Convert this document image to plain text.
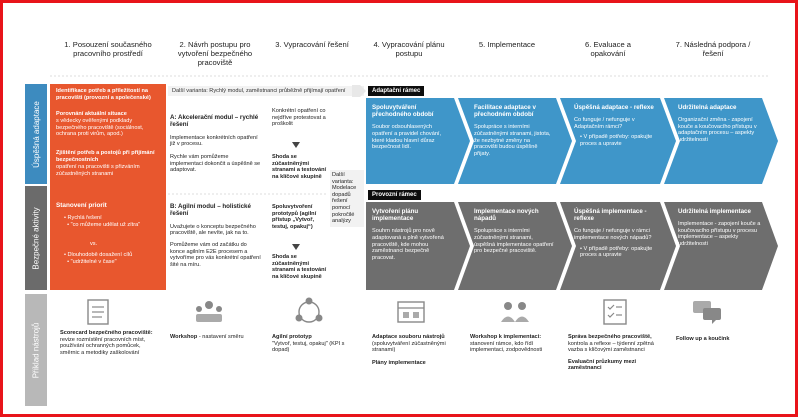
1. Posouzení současného pracovního prostředí
2. Návrh postupu pro vytvoření bezpečného pracoviště
3. Vypracování řešení	4. Vypracování plánu postupu
5. Implementace	6. Evaluace a opakování
7. Následná podpora / řešení
Úspěšná adaptace
Bezpečné aktivity
Příklad nástrojů
Identifikace potřeb a příležitostí na pracovišti (provozní a společenské)
Porovnání aktuální situace
s vědecky ověřenými podklady bezpečného pracoviště (sociálnost, ochrana proti virům, apod.)
Zjištění potřeb a postojů při přijímání bezpečnostních
opatření na pracovišti s přizváním zúčastněných stranami
Stanovení priorit
• Rychlá řešení
• "co můžeme udělat už zítra"
vs.
• Dlouhodobě dosažení cílů
• "udržitelné v čase"
Další varianta: Rychlý modul, zaměstnanci průběžně přijímají opatření
A: Akcelerační modul – rychlé řešení
Implementace konkrétních opatření již v procesu.
Rychle vám pomůžeme implementaci dokončit a úspěšně se adaptovat.
B: Agilní modul – holistické řešení
Uvažujete o konceptu bezpečného pracoviště, ale nevíte, jak na to.
Pomůžeme vám od začátku do konce agilním E2E procesem a vytvoříme pro vás konkrétní opatření šité na míru.
Konkrétní opatření co nejdříve protestovat a proškolit
Shoda se zúčastněnými stranami a testování na klíčové skupině
Spoluvytvoření prototypů (agilní přístup „Vytvoř, testuj, opakuj“)
Shoda se zúčastněnými stranami a testování na klíčové skupině
Další varianta: Modelace dopadů řešení pomocí pokročilé analýzy
Adaptační rámec
Provozní rámec
Spoluvytváření přechodného období
Soubor odsouhlasených opatření a pravidel chování, které kladou hlavní důraz bezpečnost lidí.
Facilitace adaptace v přechodném období
Spolupráce s interními zúčastněnými stranami, jistota, že nezbytné změny na pracovišti budou úspěšně přijaty.
Úspěšná adaptace - reflexe
Co funguje / nefunguje v Adaptačním rámci?
• V případě potřeby: opakujte proces a upravte
Udržitelná adaptace
Organizační změna - zapojení kouče a koučovacího přístupu v adaptačním procesu – aspekty udržitelnosti
Vytvoření plánu implementace
Souhrn nástrojů pro nově adaptovaná a plně vytvořená pracoviště, kde mohou zaměstnanci bezpečně pracovat.
Implementace nových nápadů
Spolupráce s interními zúčastněnými stranami, úspěšná implementace opatření pro bezpečné pracoviště.
Úspěšná implementace - reflexe
Co funguje / nefunguje v rámci implementace nových nápadů?
• V případě potřeby: opakujte proces a upravte
Udržitelná implementace
Implementace - zapojení kouče a koučovacího přístupu v procesu implementace – aspekty udržitelnosti
Scorecard bezpečného pracoviště:
revize rozmístění pracovních míst, používání ochranných pomůcek, směrnic a metodiky zaškolování
Workshop - nastavení směru	Agilní prototyp
"Vytvoř, testuj, opakuj" (KPI s dopad)
Adaptace souboru nástrojů
(spoluvytváření zúčastněnými stranami)
Plány implementace
Workshop k implementaci:
stanovení rámce, kdo řídí implementaci, zodpovědnosti
Správa bezpečného pracoviště, kontrola a reflexe – týdenní zpětná vazba s klíčovými zaměstnanci
Evaluační průzkumy mezi zaměstnanci
Follow up a koučink
